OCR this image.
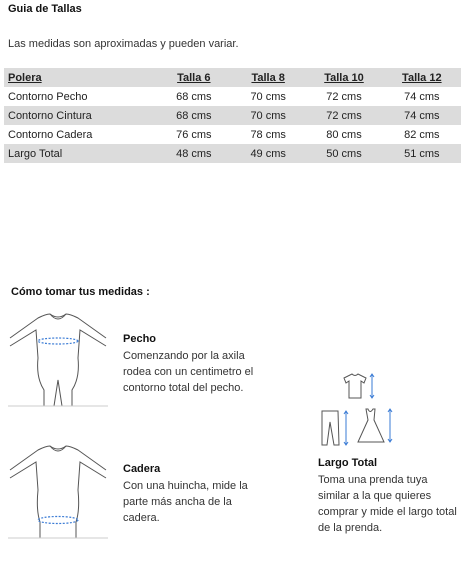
Guia de Tallas
Las medidas son aproximadas y pueden variar.
Polera	Talla 6	Talla 8	Talla 10	Talla 12
Contorno Pecho	68 cms	70 cms	72 cms	74 cms
Contorno Cintura	68 cms	70 cms	72 cms	74 cms
Contorno Cadera	76 cms	78 cms	80 cms	82 cms
Largo Total	48 cms	49 cms	50 cms	51 cms
Cómo tomar tus medidas :
Pecho
Comenzando por la axila
rodea con un centimetro el
contorno total del pecho.
Cadera
Con una huincha, mide la
parte más ancha de la
cadera.
Largo Total
Toma una prenda tuya
similar a la que quieres
comprar y mide el largo total
de la prenda.
